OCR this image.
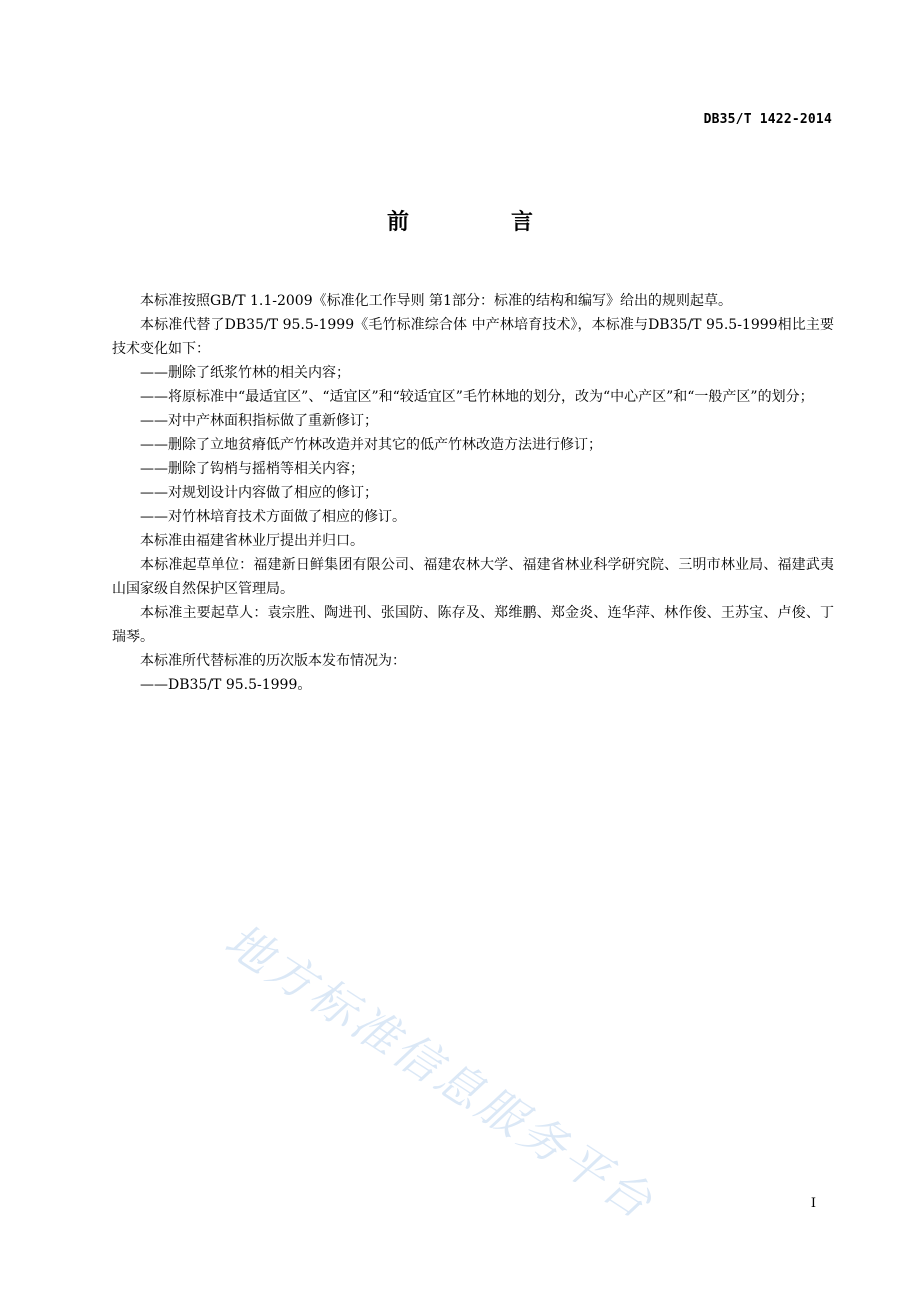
DB35/T 1422-2014
前　言

本标准按照GB/T 1.1-2009《标准化工作导则 第1部分：标准的结构和编写》给出的规则起草。

本标准代替了DB35/T 95.5-1999《毛竹标准综合体 中产林培育技术》，本标准与DB35/T 95.5-1999相比主要技术变化如下：

——删除了纸浆竹林的相关内容；

——将原标准中“最适宜区”、“适宜区”和“较适宜区”毛竹林地的划分，改为“中心产区”和“一般产区”的划分；

——对中产林面积指标做了重新修订；

——删除了立地贫瘠低产竹林改造并对其它的低产竹林改造方法进行修订；

——删除了钩梢与摇梢等相关内容；

——对规划设计内容做了相应的修订；

——对竹林培育技术方面做了相应的修订。

本标准由福建省林业厅提出并归口。

本标准起草单位：福建新日鲜集团有限公司、福建农林大学、福建省林业科学研究院、三明市林业局、福建武夷山国家级自然保护区管理局。

本标准主要起草人：袁宗胜、陶进刊、张国防、陈存及、郑维鹏、郑金炎、连华萍、林作俊、王苏宝、卢俊、丁瑞琴。

本标准所代替标准的历次版本发布情况为：

——DB35/T 95.5-1999。

地方标准信息服务平台	I
